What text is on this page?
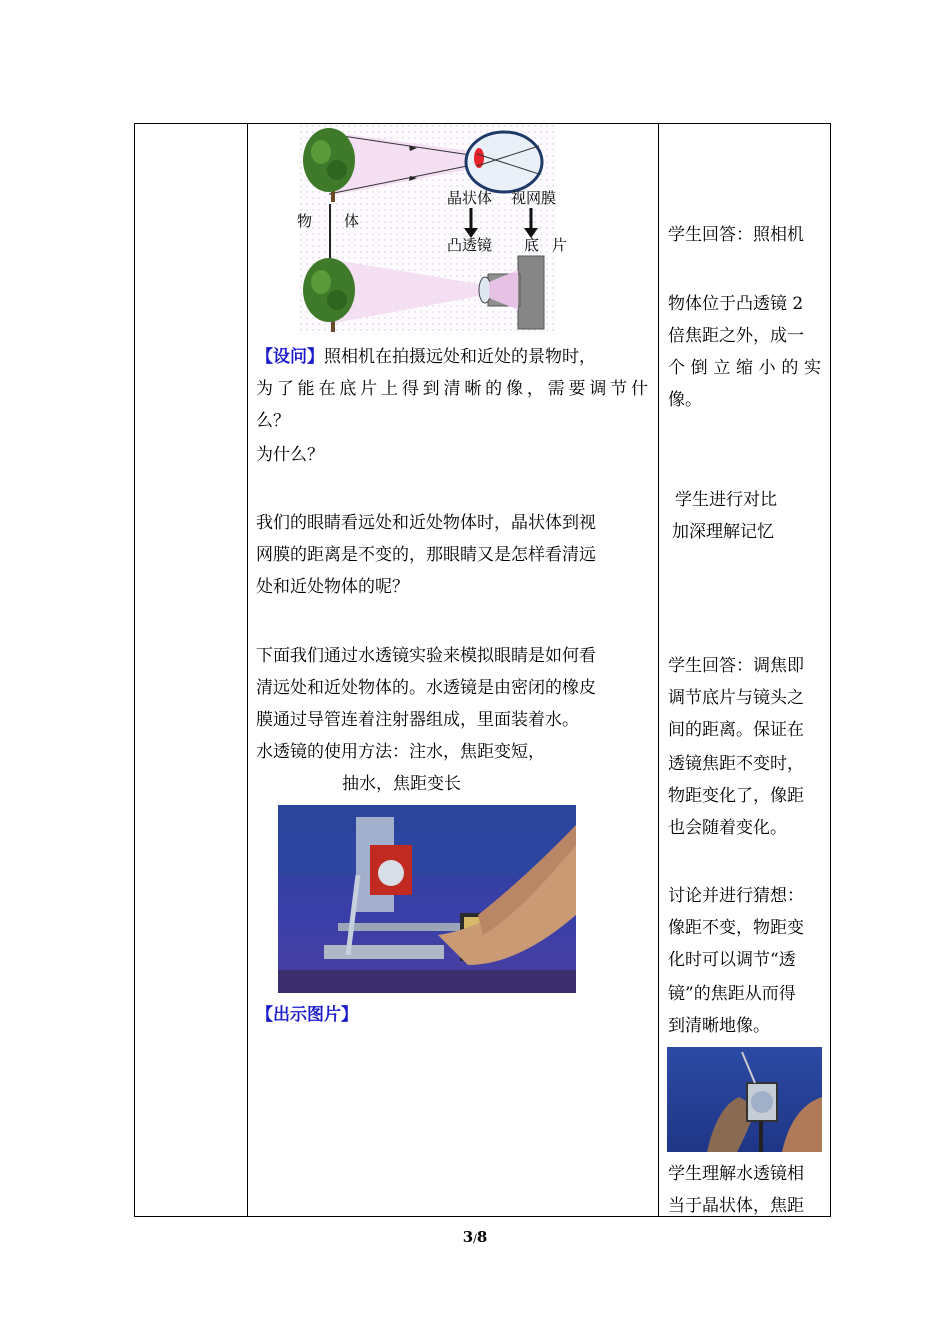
物 体
晶状体 视网膜
凸透镜 底 片
【设问】照相机在拍摄远处和近处的景物时，
为了能在底片上得到清晰的像，需要调节什
么？
为什么？
我们的眼睛看远处和近处物体时，晶状体到视
网膜的距离是不变的，那眼睛又是怎样看清远
处和近处物体的呢？
下面我们通过水透镜实验来模拟眼睛是如何看
清远处和近处物体的。水透镜是由密闭的橡皮
膜通过导管连着注射器组成，里面装着水。
水透镜的使用方法：注水，焦距变短，
抽水，焦距变长
【出示图片】
学生回答：照相机
物体位于凸透镜 2
倍焦距之外，成一
个倒立缩小的实
像。
学生进行对比
加深理解记忆
学生回答：调焦即
调节底片与镜头之
间的距离。保证在
透镜焦距不变时，
物距变化了，像距
也会随着变化。
讨论并进行猜想：
像距不变，物距变
化时可以调节“透
镜”的焦距从而得
到清晰地像。
学生理解水透镜相
当于晶状体，焦距
3/8
